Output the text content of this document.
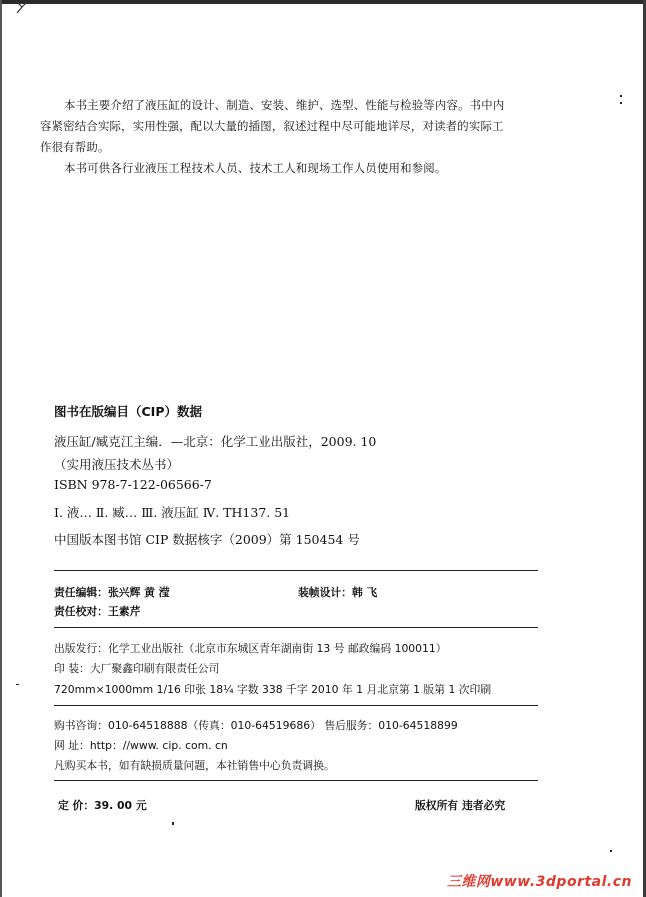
本书主要介绍了液压缸的设计、制造、安装、维护、选型、性能与检验等内容。书中内

容紧密结合实际，实用性强，配以大量的插图，叙述过程中尽可能地详尽，对读者的实际工

作很有帮助。

本书可供各行业液压工程技术人员、技术工人和现场工作人员使用和参阅。

图书在版编目（CIP）数据
液压缸/臧克江主编．—北京：化学工业出版社，2009. 10
（实用液压技术丛书）
ISBN 978-7-122-06566-7
Ⅰ. 液… Ⅱ. 臧… Ⅲ. 液压缸 Ⅳ. TH137. 51
中国版本图书馆 CIP 数据核字（2009）第 150454 号
责任编辑：张兴辉 黄 滢	装帧设计：韩 飞
责任校对：王素芹
出版发行：化学工业出版社（北京市东城区青年湖南街 13 号 邮政编码 100011）
印 装：大厂聚鑫印刷有限责任公司
720mm×1000mm 1/16 印张 18¼ 字数 338 千字 2010 年 1 月北京第 1 版第 1 次印刷
购书咨询：010-64518888（传真：010-64519686） 售后服务：010-64518899
网 址：http：//www. cip. com. cn
凡购买本书，如有缺损质量问题，本社销售中心负责调换。
定 价：39. 00 元	版权所有 违者必究
三维网www.3dportal.cn
